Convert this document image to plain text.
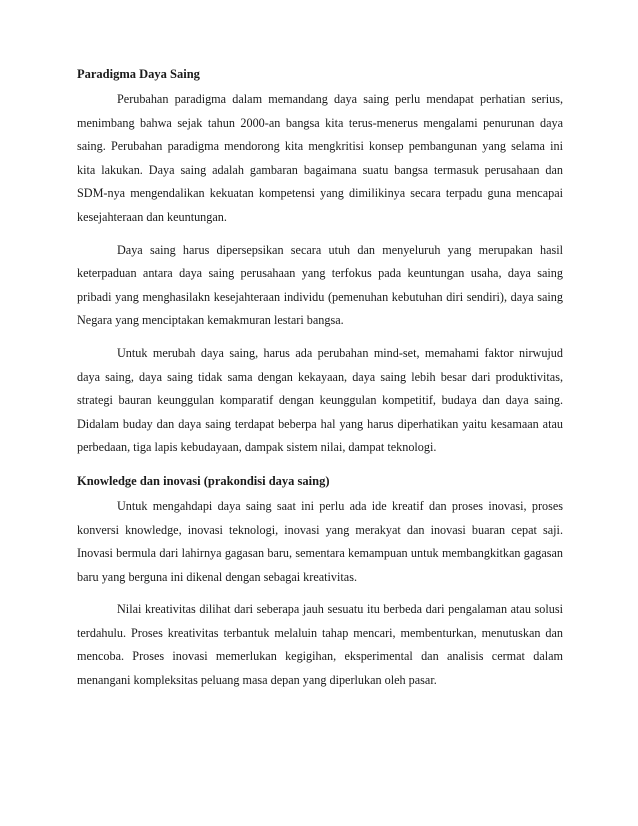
Paradigma Daya Saing

Perubahan paradigma dalam memandang daya saing perlu mendapat perhatian serius, menimbang bahwa sejak tahun 2000-an bangsa kita terus-menerus mengalami penurunan daya saing. Perubahan paradigma mendorong kita mengkritisi konsep pembangunan yang selama ini kita lakukan. Daya saing adalah gambaran bagaimana suatu bangsa termasuk perusahaan dan SDM-nya mengendalikan kekuatan kompetensi yang dimilikinya secara terpadu guna mencapai kesejahteraan dan keuntungan.

Daya saing harus dipersepsikan secara utuh dan menyeluruh yang merupakan hasil keterpaduan antara daya saing perusahaan yang terfokus pada keuntungan usaha, daya saing pribadi yang menghasilakn kesejahteraan individu (pemenuhan kebutuhan diri sendiri), daya saing Negara yang menciptakan kemakmuran lestari bangsa.

Untuk merubah daya saing, harus ada perubahan mind-set, memahami faktor nirwujud daya saing, daya saing tidak sama dengan kekayaan, daya saing lebih besar dari produktivitas, strategi bauran keunggulan komparatif dengan keunggulan kompetitif, budaya dan daya saing. Didalam buday dan daya saing terdapat beberpa hal yang harus diperhatikan yaitu kesamaan atau perbedaan, tiga lapis kebudayaan, dampak sistem nilai, dampat teknologi.

Knowledge dan inovasi (prakondisi daya saing)

Untuk mengahdapi daya saing saat ini perlu ada ide kreatif dan proses inovasi, proses konversi knowledge, inovasi teknologi, inovasi yang merakyat dan inovasi buaran cepat saji. Inovasi bermula dari lahirnya gagasan baru, sementara kemampuan untuk membangkitkan gagasan baru yang berguna ini dikenal dengan sebagai kreativitas.

Nilai kreativitas dilihat dari seberapa jauh sesuatu itu berbeda dari pengalaman atau solusi terdahulu. Proses kreativitas terbantuk melaluin tahap mencari, membenturkan, menutuskan dan mencoba. Proses inovasi memerlukan kegigihan, eksperimental dan analisis cermat dalam menangani kompleksitas peluang masa depan yang diperlukan oleh pasar.
